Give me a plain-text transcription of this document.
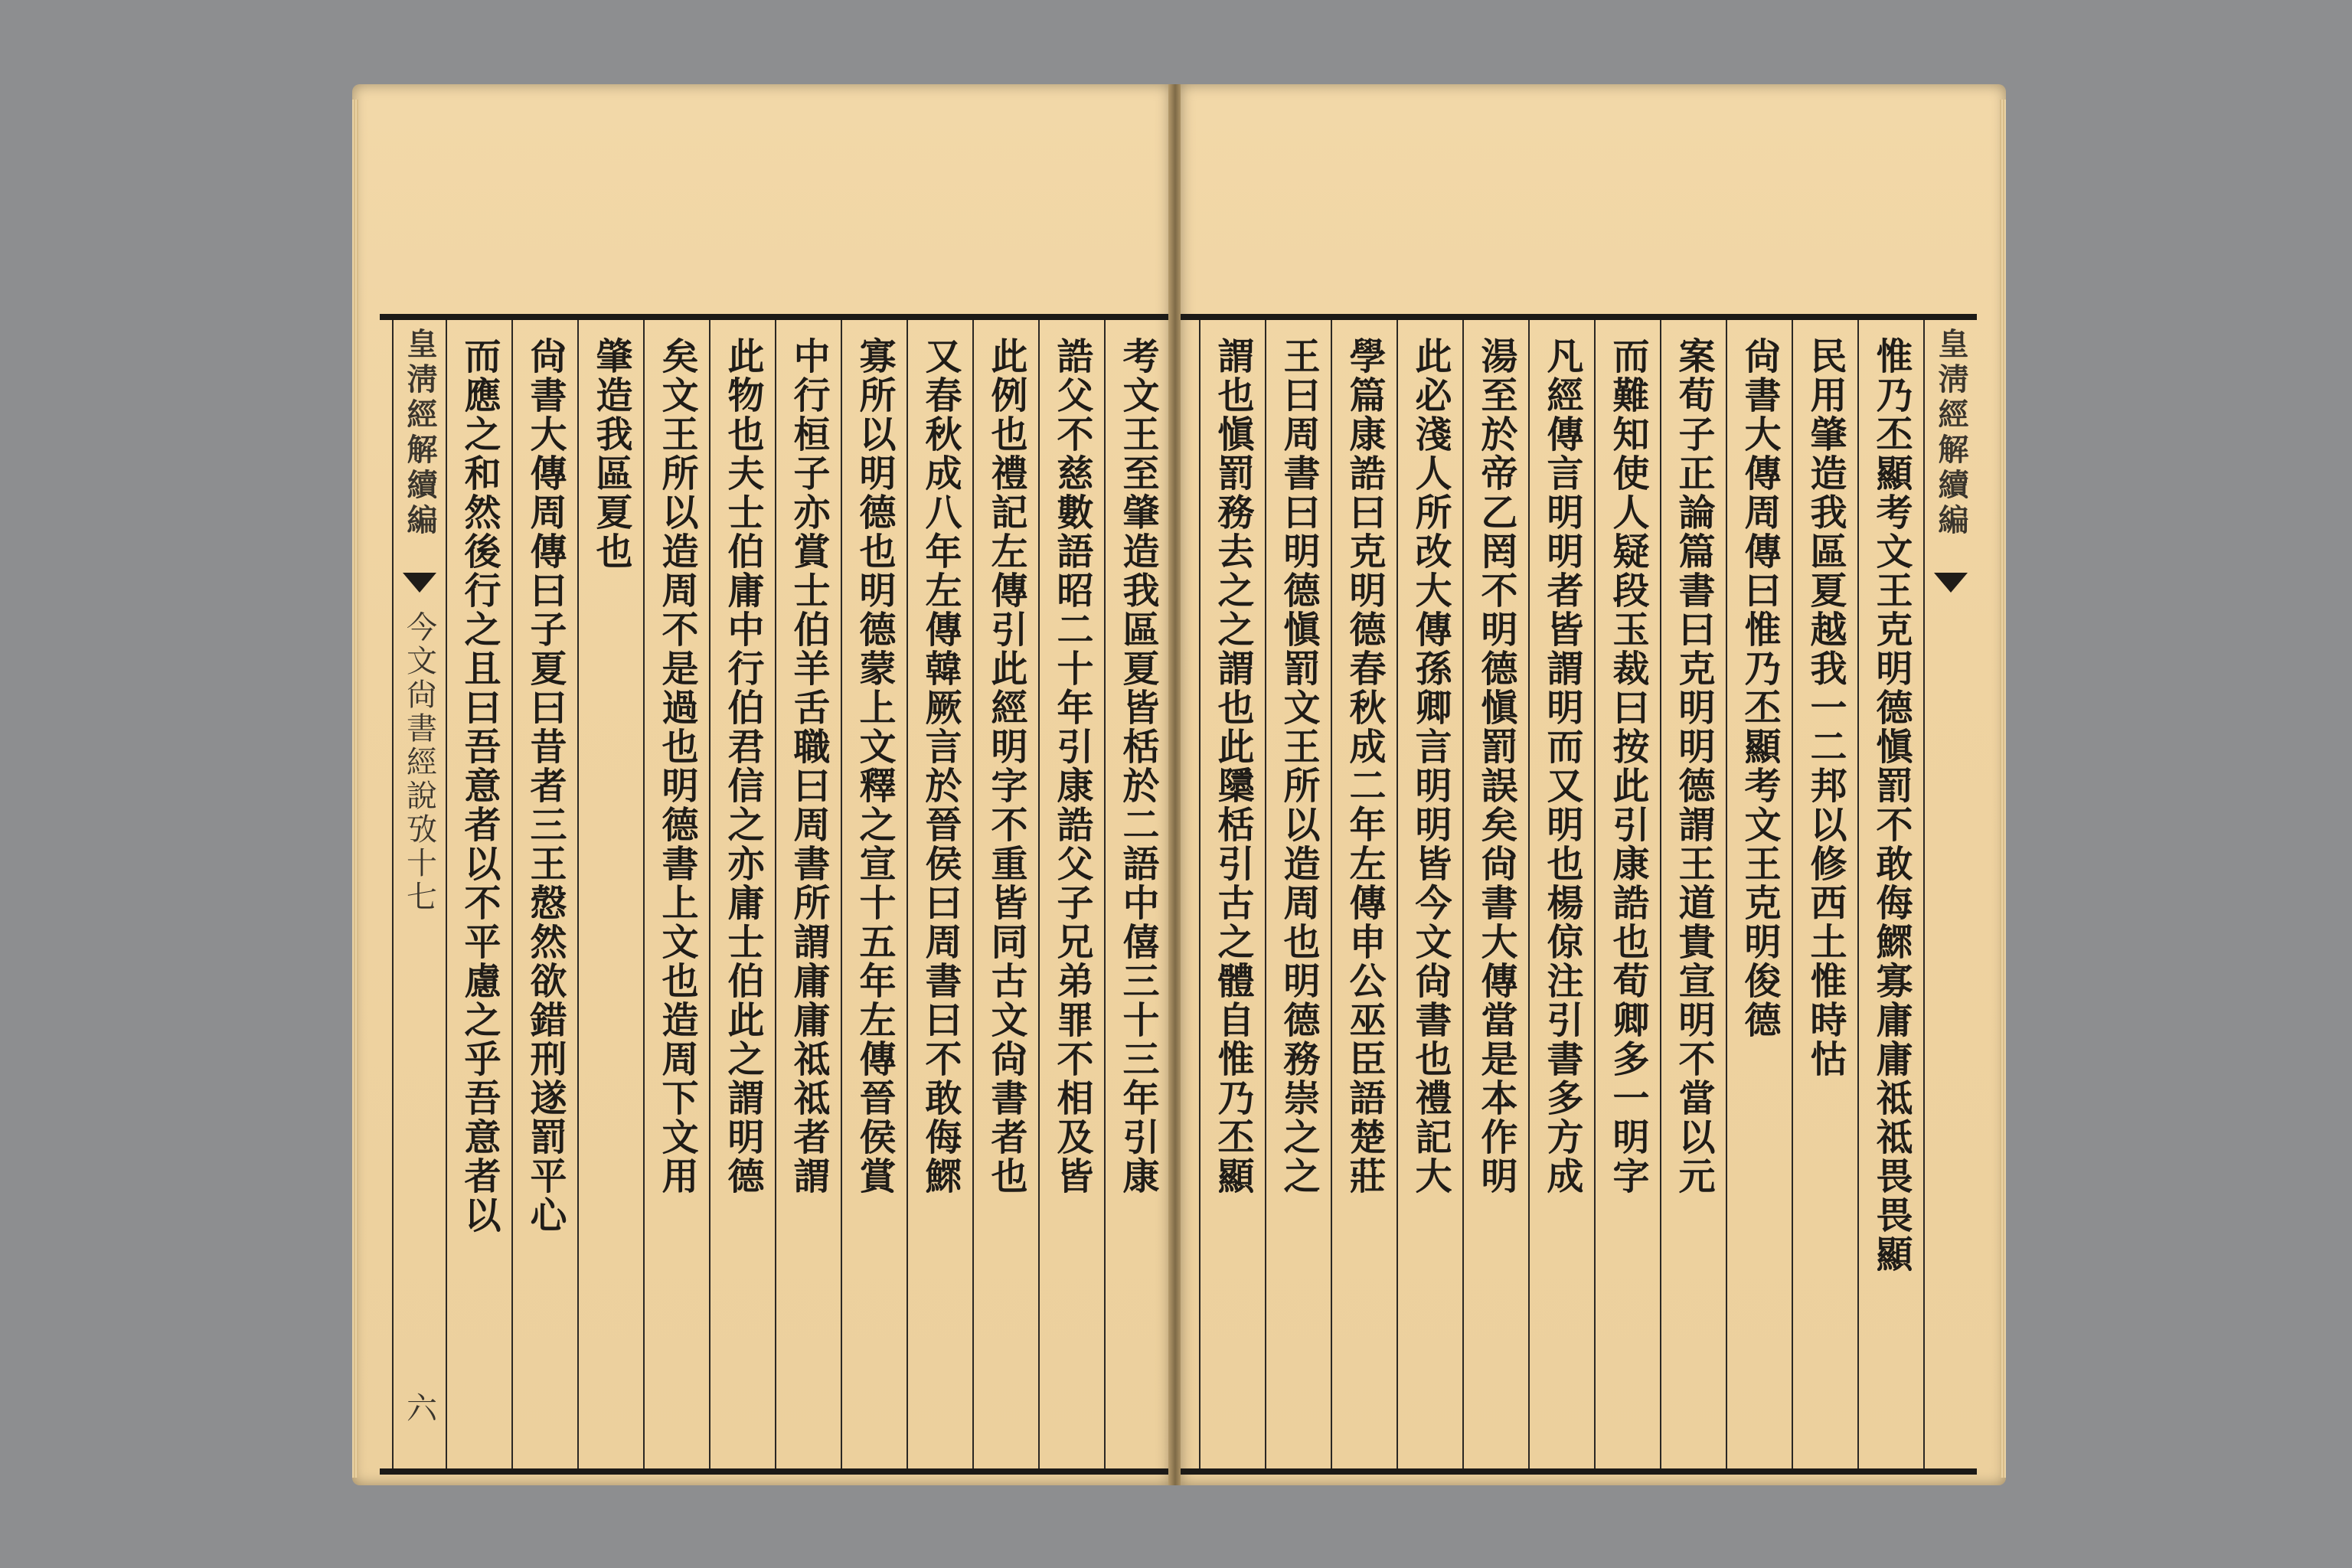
考文王至肇造我區夏皆栝於二語中僖三十三年引康
誥父不慈數語昭二十年引康誥父子兄弟罪不相及皆
此例也禮記左傳引此經明字不重皆同古文尙書者也
又春秋成八年左傳韓厥言於晉侯曰周書曰不敢侮鰥
寡所以明德也明德蒙上文釋之宣十五年左傳晉侯賞
中行桓子亦賞士伯羊舌職曰周書所謂庸庸祗祗者謂
此物也夫士伯庸中行伯君信之亦庸士伯此之謂明德
矣文王所以造周不是過也明德書上文也造周下文用
肇造我區夏也
尙書大傳周傳曰子夏曰昔者三王慤然欲錯刑遂罰平心
而應之和然後行之且曰吾意者以不平慮之乎吾意者以
皇淸經解續編
今文尙書經說攷十七
六
皇淸經解續編
惟乃丕顯考文王克明德愼罰不敢侮鰥寡庸庸祗祗畏畏顯
民用肇造我區夏越我一二邦以修西土惟時怙
尙書大傳周傳曰惟乃丕顯考文王克明俊德
案荀子正論篇書曰克明明德謂王道貴宣明不當以元
而難知使人疑段玉裁曰按此引康誥也荀卿多一明字
凡經傳言明明者皆謂明而又明也楊倞注引書多方成
湯至於帝乙罔不明德愼罰誤矣尙書大傳當是本作明
此必淺人所改大傳孫卿言明明皆今文尙書也禮記大
學篇康誥曰克明德春秋成二年左傳申公巫臣語楚莊
王曰周書曰明德愼罰文王所以造周也明德務崇之之
謂也愼罰務去之之謂也此櫽栝引古之體自惟乃丕顯
